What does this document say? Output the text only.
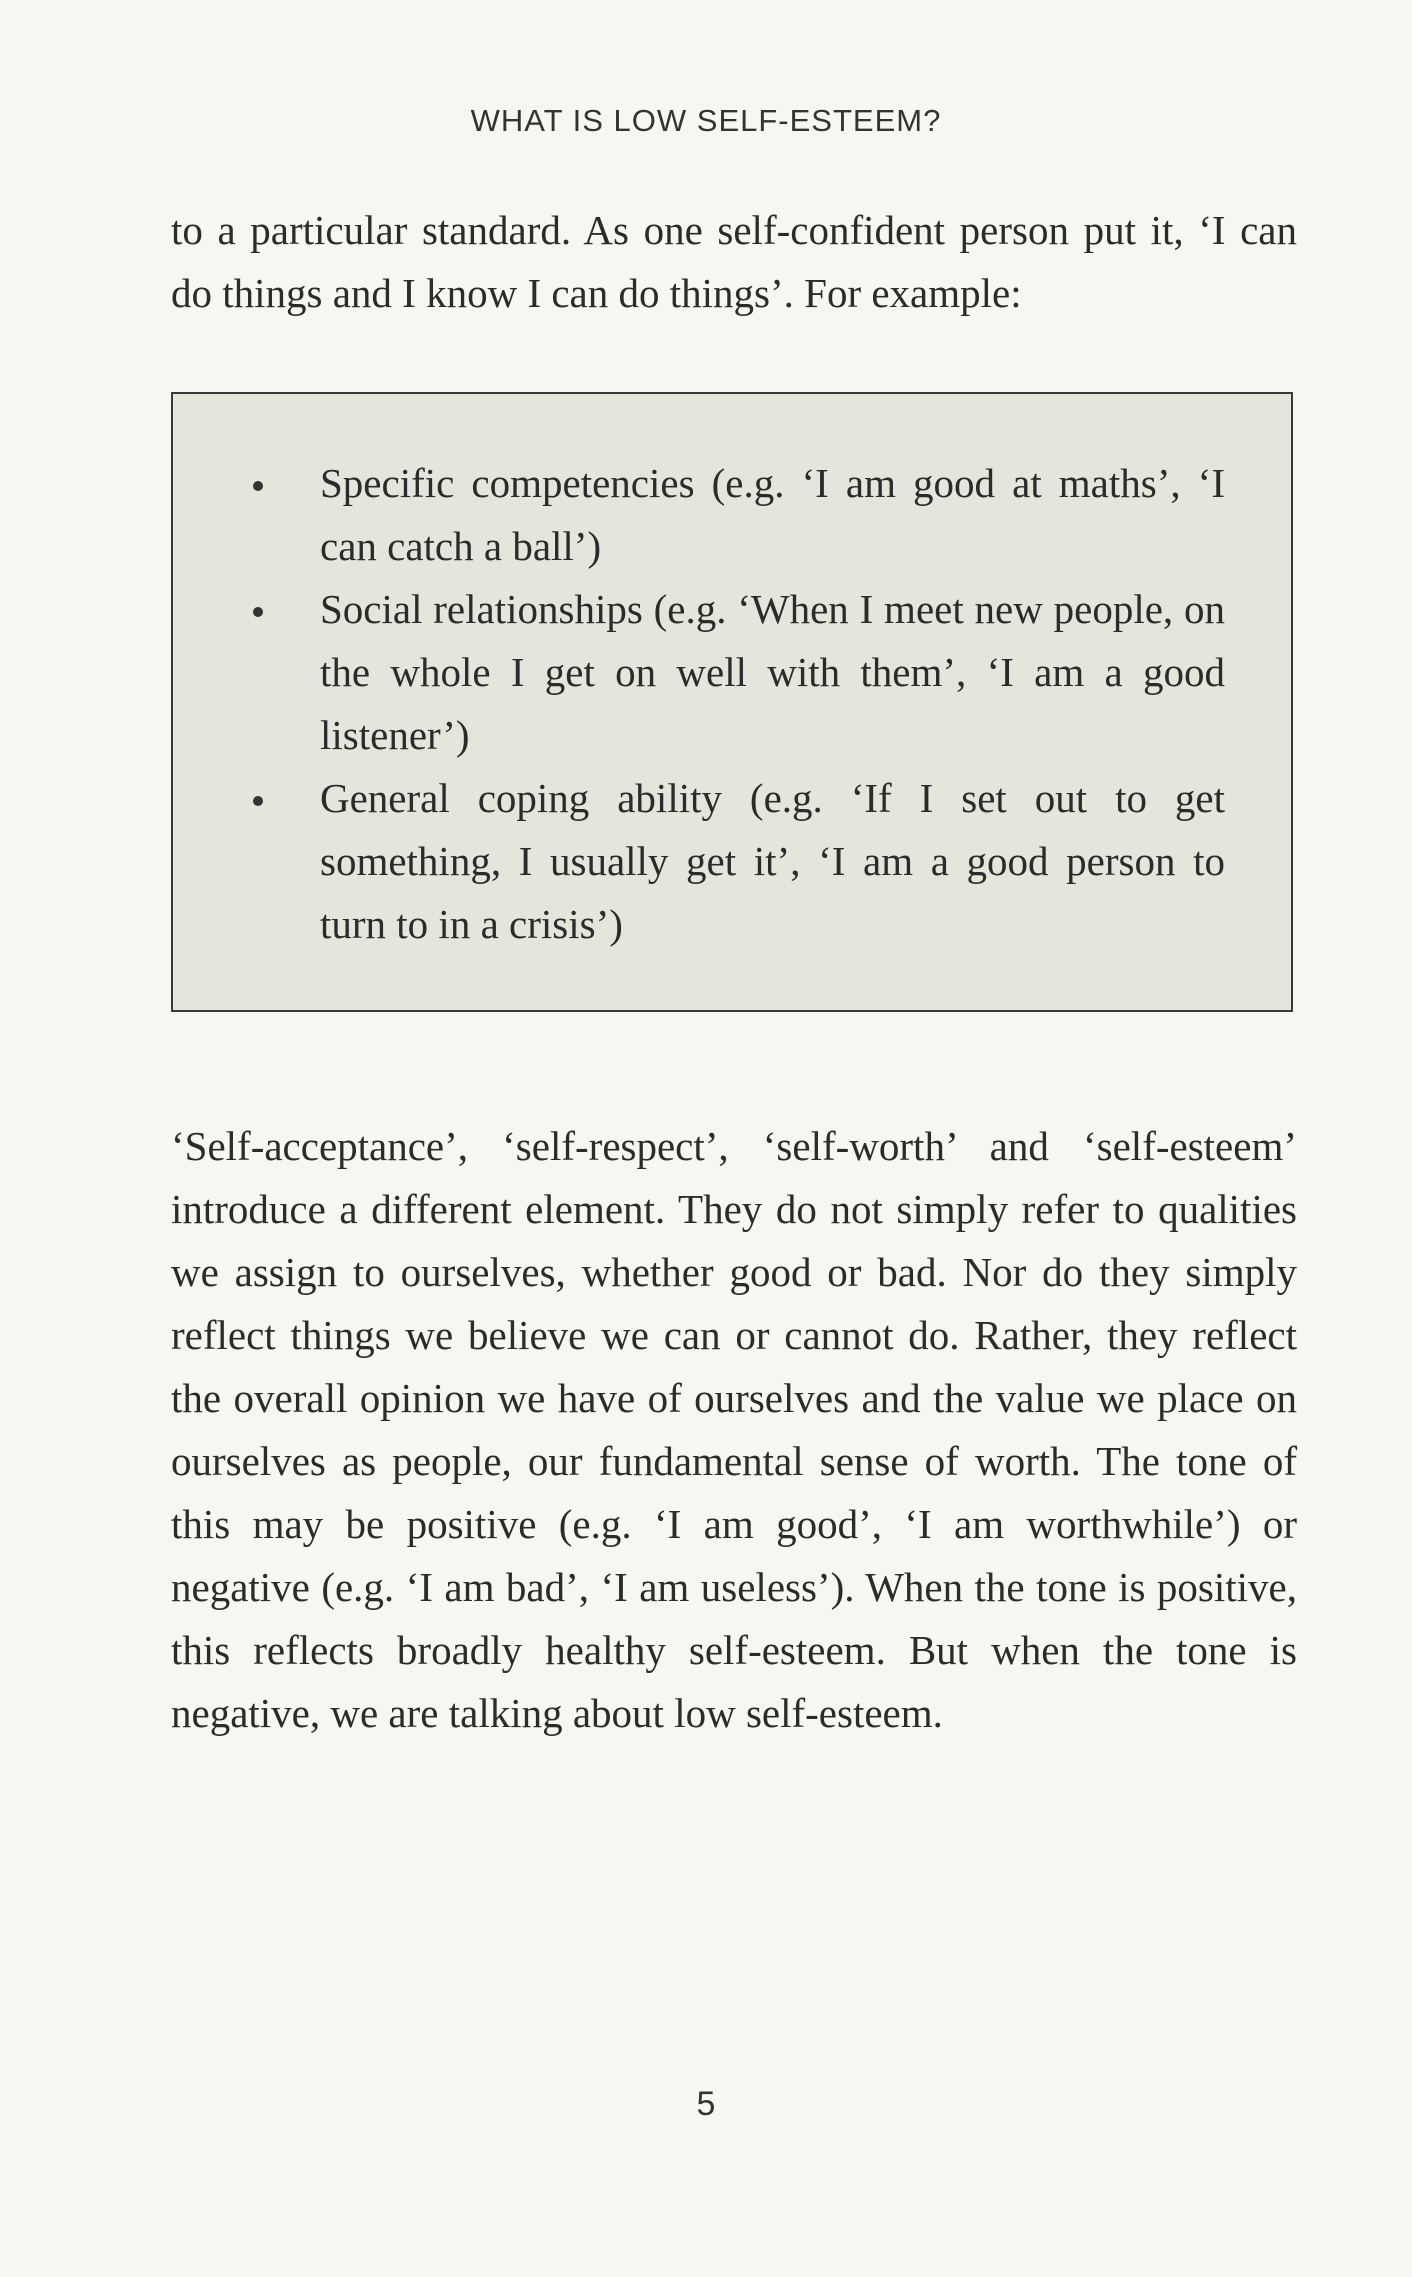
WHAT IS LOW SELF-ESTEEM?

to a particular standard. As one self-confident person put it, ‘I can do things and I know I can do things’. For example:

Specific competencies (e.g. ‘I am good at maths’, ‘I can catch a ball’)
Social relationships (e.g. ‘When I meet new people, on the whole I get on well with them’, ‘I am a good listener’)
General coping ability (e.g. ‘If I set out to get something, I usually get it’, ‘I am a good person to turn to in a crisis’)

‘Self-acceptance’, ‘self-respect’, ‘self-worth’ and ‘self-esteem’ introduce a different element. They do not simply refer to qualities we assign to ourselves, whether good or bad. Nor do they simply reflect things we believe we can or cannot do. Rather, they reflect the overall opinion we have of ourselves and the value we place on ourselves as people, our fundamental sense of worth. The tone of this may be positive (e.g. ‘I am good’, ‘I am worthwhile’) or negative (e.g. ‘I am bad’, ‘I am useless’). When the tone is positive, this reflects broadly healthy self-esteem. But when the tone is negative, we are talking about low self-esteem.

5
